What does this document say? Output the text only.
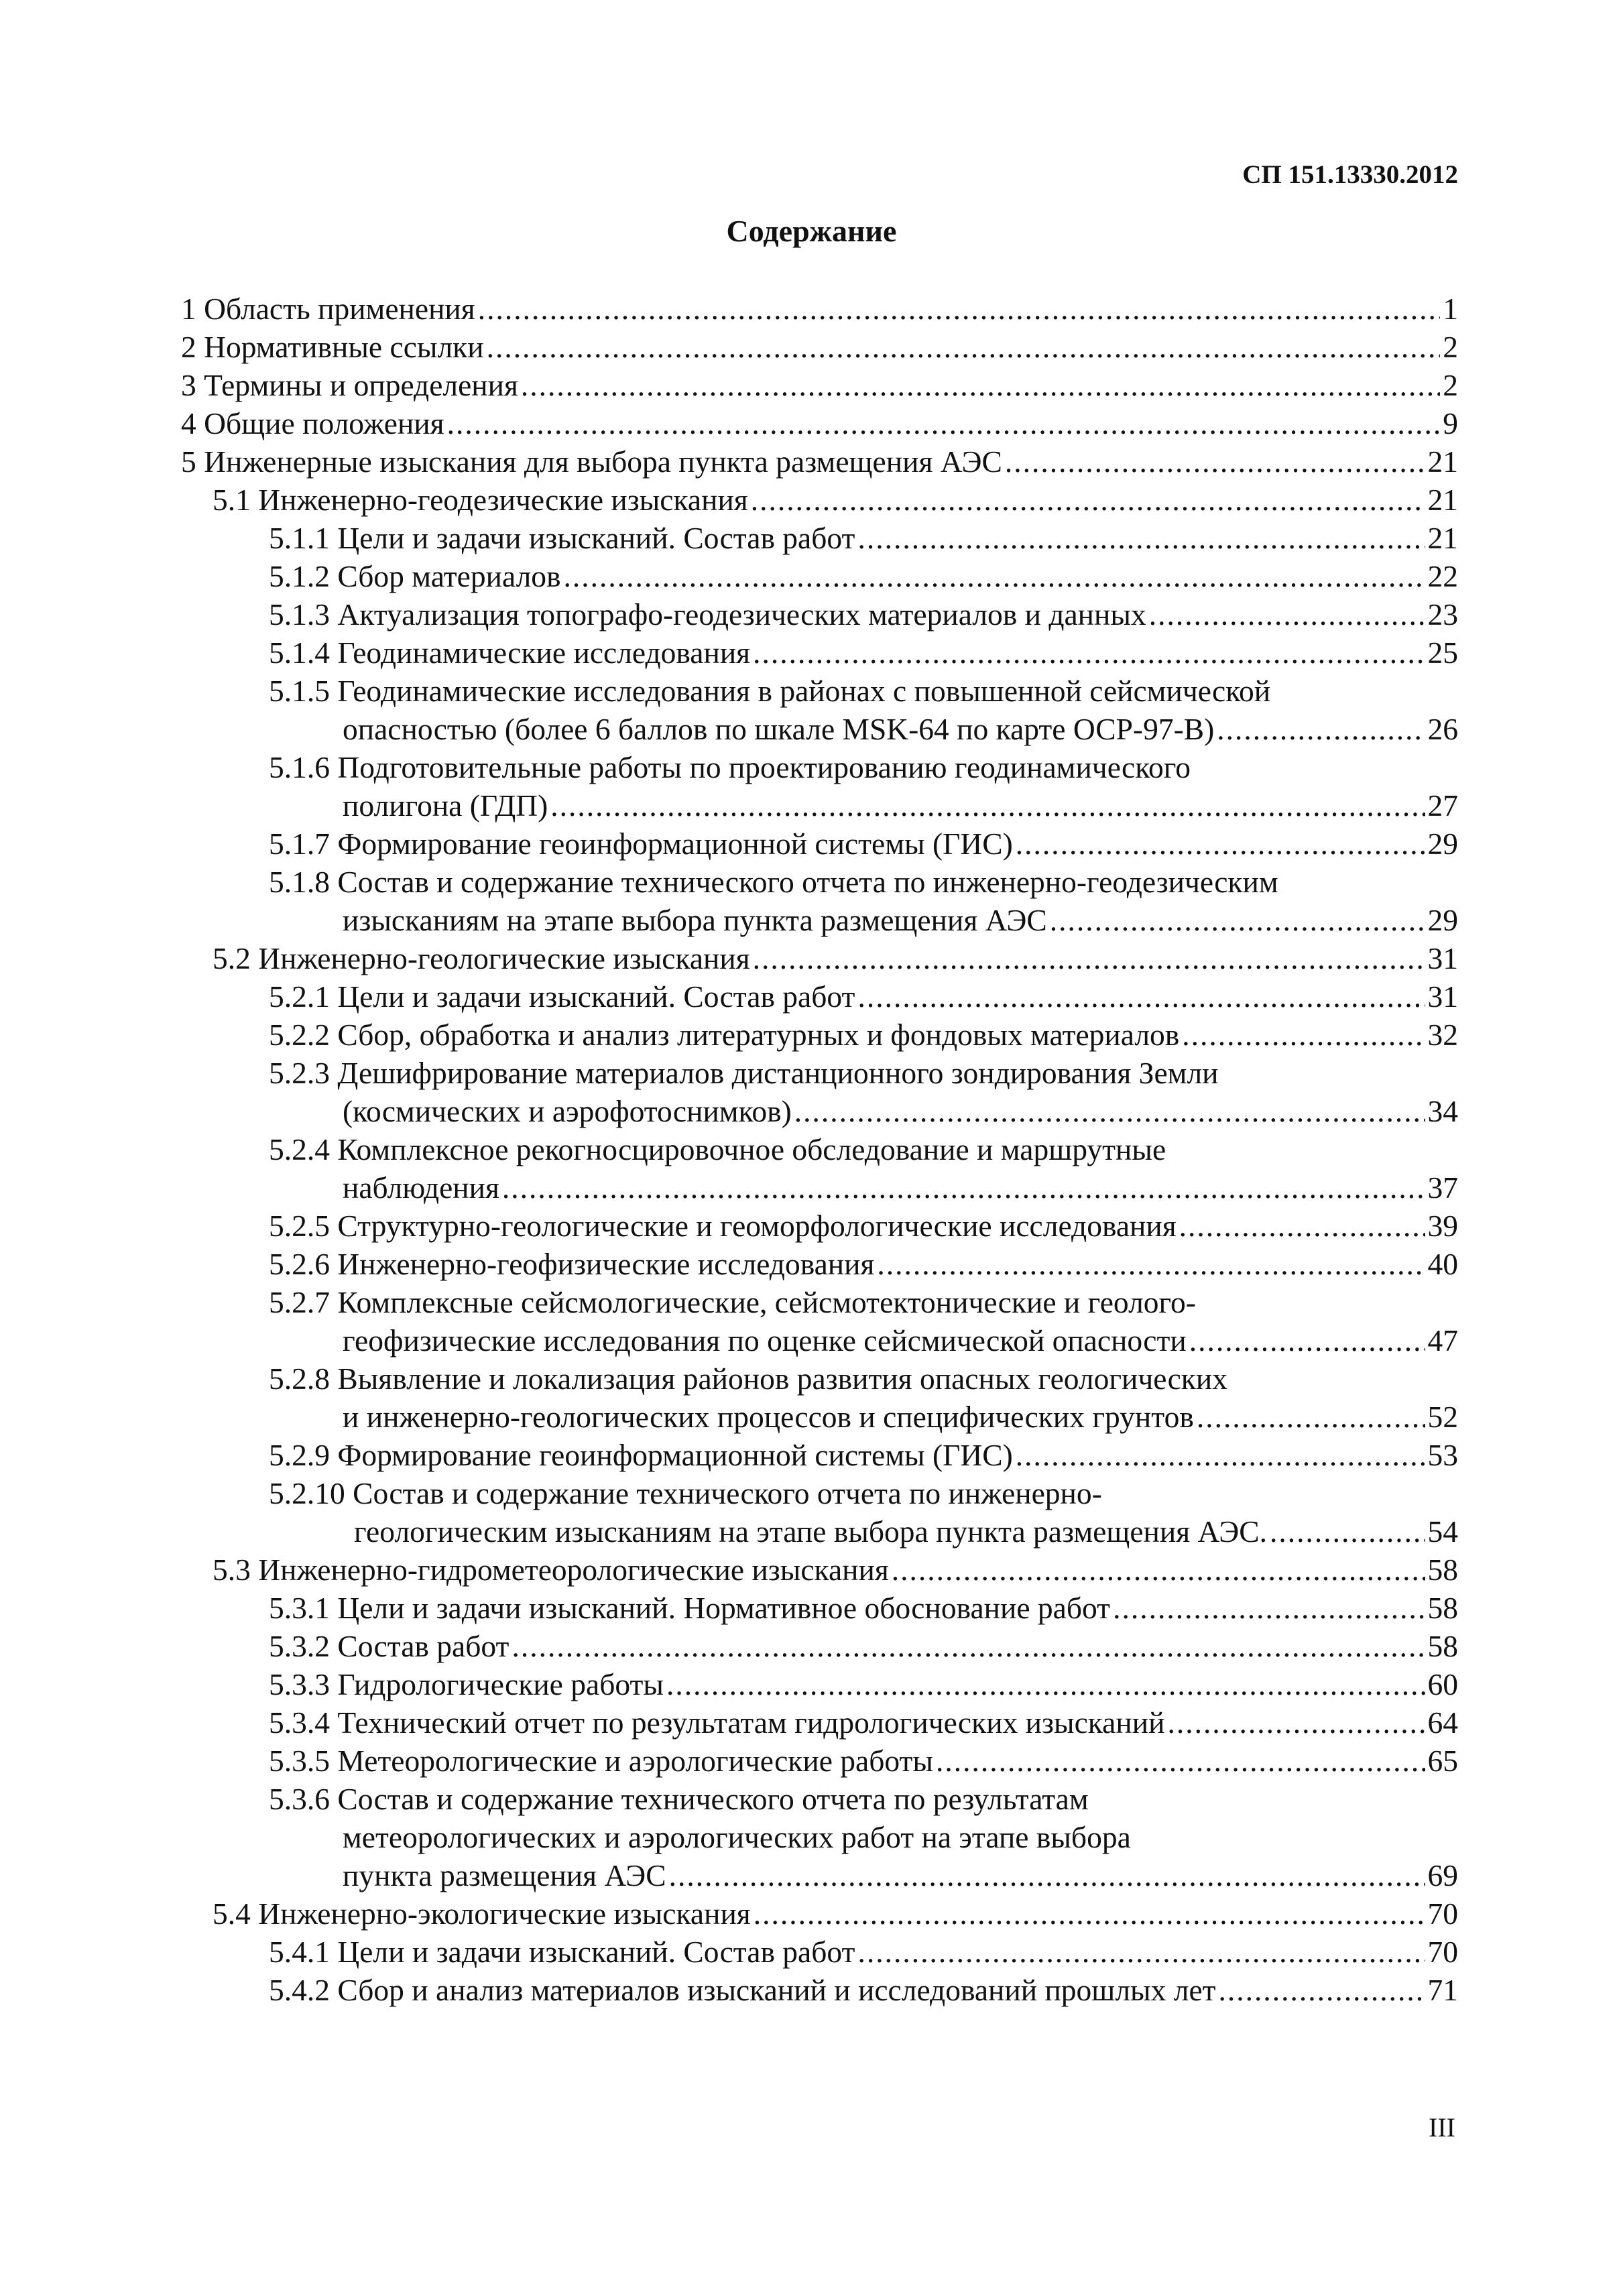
СП 151.13330.2012
Содержание
1 Область применения .....	1
2 Нормативные ссылки .....	2
3 Термины и определения .....	2
4 Общие положения .....	9
5 Инженерные изыскания для выбора пункта размещения АЭС .....	21
5.1 Инженерно-геодезические изыскания .....	21
5.1.1 Цели и задачи изысканий. Состав работ .....	21
5.1.2 Сбор материалов .....	22
5.1.3 Актуализация топографо-геодезических материалов и данных .....	23
5.1.4 Геодинамические исследования .....	25
5.1.5 Геодинамические исследования в районах с повышенной сейсмической
опасностью (более 6 баллов по шкале MSK-64 по карте ОСР-97-В) .....	26
5.1.6 Подготовительные работы по проектированию геодинамического
полигона (ГДП) .....	27
5.1.7 Формирование геоинформационной системы (ГИС) .....	29
5.1.8 Состав и содержание технического отчета по инженерно-геодезическим
изысканиям на этапе выбора пункта размещения АЭС .....	29
5.2 Инженерно-геологические изыскания .....	31
5.2.1 Цели и задачи изысканий. Состав работ .....	31
5.2.2 Сбор, обработка и анализ литературных и фондовых материалов .....	32
5.2.3 Дешифрирование материалов дистанционного зондирования Земли
(космических и аэрофотоснимков) .....	34
5.2.4 Комплексное рекогносцировочное обследование и маршрутные
наблюдения .....	37
5.2.5 Структурно-геологические и геоморфологические исследования .....	39
5.2.6 Инженерно-геофизические исследования .....	40
5.2.7 Комплексные сейсмологические, сейсмотектонические и геолого-
геофизические исследования по оценке сейсмической опасности .....	47
5.2.8 Выявление и локализация районов развития опасных геологических
и инженерно-геологических процессов и специфических грунтов .....	52
5.2.9 Формирование геоинформационной системы (ГИС) .....	53
5.2.10 Состав и содержание технического отчета по инженерно-
геологическим изысканиям на этапе выбора пункта размещения АЭС. .....	54
5.3 Инженерно-гидрометеорологические изыскания .....	58
5.3.1 Цели и задачи изысканий. Нормативное обоснование работ .....	58
5.3.2 Состав работ .....	58
5.3.3 Гидрологические работы .....	60
5.3.4 Технический отчет по результатам гидрологических изысканий .....	64
5.3.5 Метеорологические и аэрологические работы .....	65
5.3.6 Состав и содержание технического отчета по результатам
метеорологических и аэрологических работ на этапе выбора
пункта размещения АЭС .....	69
5.4 Инженерно-экологические изыскания .....	70
5.4.1 Цели и задачи изысканий. Состав работ .....	70
5.4.2 Сбор и анализ материалов изысканий и исследований прошлых лет .....	71
III
